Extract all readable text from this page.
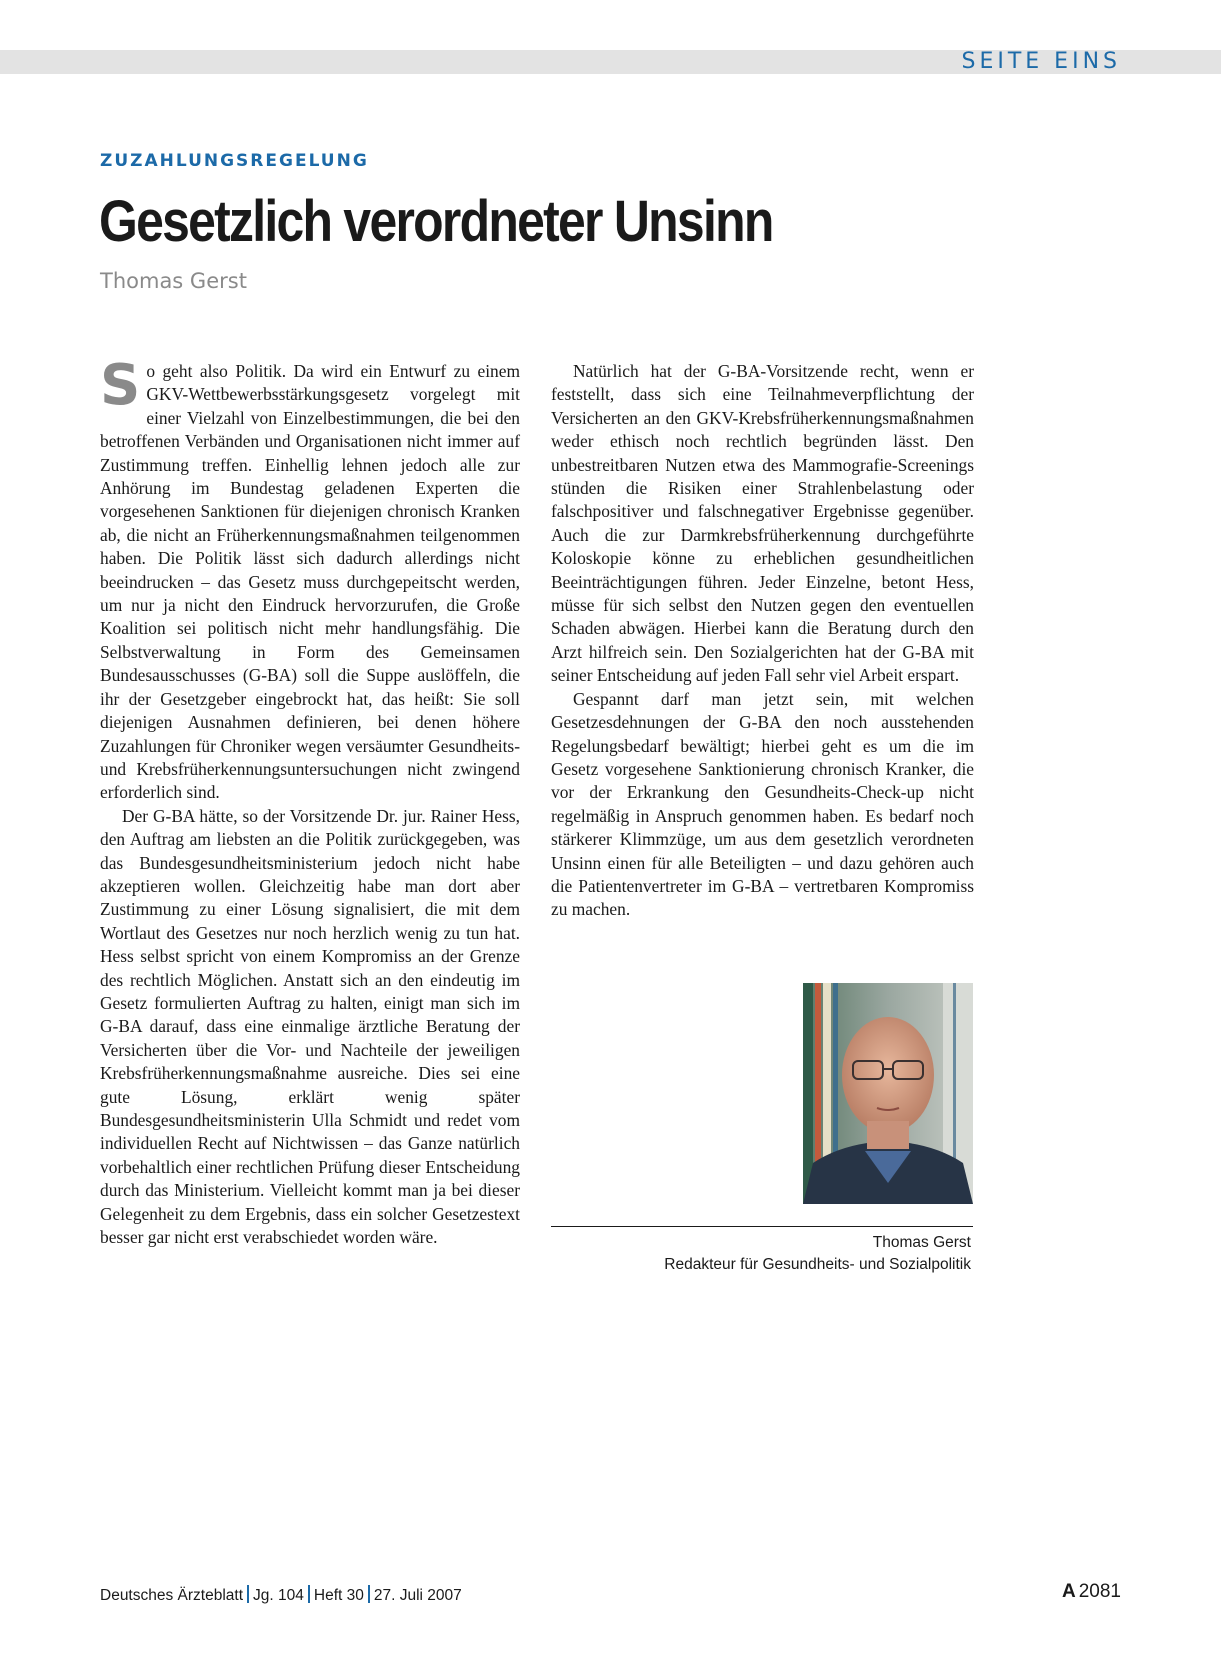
SEITE EINS
ZUZAHLUNGSREGELUNG
Gesetzlich verordneter Unsinn
Thomas Gerst

So geht also Politik. Da wird ein Entwurf zu einem GKV-Wettbewerbsstärkungsgesetz vorgelegt mit einer Vielzahl von Einzelbestimmungen, die bei den betroffenen Verbänden und Organisationen nicht immer auf Zustimmung treffen. Einhellig lehnen jedoch alle zur Anhörung im Bundestag geladenen Experten die vorgesehenen Sanktionen für diejenigen chronisch Kranken ab, die nicht an Früherkennungsmaßnahmen teilgenommen haben. Die Politik lässt sich dadurch allerdings nicht beeindrucken – das Gesetz muss durchgepeitscht werden, um nur ja nicht den Eindruck hervorzurufen, die Große Koalition sei politisch nicht mehr handlungsfähig. Die Selbstverwaltung in Form des Gemeinsamen Bundesausschusses (G-BA) soll die Suppe auslöffeln, die ihr der Gesetzgeber eingebrockt hat, das heißt: Sie soll diejenigen Ausnahmen definieren, bei denen höhere Zuzahlungen für Chroniker wegen versäumter Gesundheits- und Krebsfrüherkennungsuntersuchungen nicht zwingend erforderlich sind.

Der G-BA hätte, so der Vorsitzende Dr. jur. Rainer Hess, den Auftrag am liebsten an die Politik zurückgegeben, was das Bundesgesundheitsministerium jedoch nicht habe akzeptieren wollen. Gleichzeitig habe man dort aber Zustimmung zu einer Lösung signalisiert, die mit dem Wortlaut des Gesetzes nur noch herzlich wenig zu tun hat. Hess selbst spricht von einem Kompromiss an der Grenze des rechtlich Möglichen. Anstatt sich an den eindeutig im Gesetz formulierten Auftrag zu halten, einigt man sich im G-BA darauf, dass eine einmalige ärztliche Beratung der Versicherten über die Vor- und Nachteile der jeweiligen Krebsfrüherkennungsmaßnahme ausreiche. Dies sei eine gute Lösung, erklärt wenig später Bundesgesundheitsministerin Ulla Schmidt und redet vom individuellen Recht auf Nichtwissen – das Ganze natürlich vorbehaltlich einer rechtlichen Prüfung dieser Entscheidung durch das Ministerium. Vielleicht kommt man ja bei dieser Gelegenheit zu dem Ergebnis, dass ein solcher Gesetzestext besser gar nicht erst verabschiedet worden wäre.

Natürlich hat der G-BA-Vorsitzende recht, wenn er feststellt, dass sich eine Teilnahmeverpflichtung der Versicherten an den GKV-Krebsfrüherkennungsmaßnahmen weder ethisch noch rechtlich begründen lässt. Den unbestreitbaren Nutzen etwa des Mammografie-Screenings stünden die Risiken einer Strahlenbelastung oder falschpositiver und falschnegativer Ergebnisse gegenüber. Auch die zur Darmkrebsfrüherkennung durchgeführte Koloskopie könne zu erheblichen gesundheitlichen Beeinträchtigungen führen. Jeder Einzelne, betont Hess, müsse für sich selbst den Nutzen gegen den eventuellen Schaden abwägen. Hierbei kann die Beratung durch den Arzt hilfreich sein. Den Sozialgerichten hat der G-BA mit seiner Entscheidung auf jeden Fall sehr viel Arbeit erspart.

Gespannt darf man jetzt sein, mit welchen Gesetzesdehnungen der G-BA den noch ausstehenden Regelungsbedarf bewältigt; hierbei geht es um die im Gesetz vorgesehene Sanktionierung chronisch Kranker, die vor der Erkrankung den Gesundheits-Check-up nicht regelmäßig in Anspruch genommen haben. Es bedarf noch stärkerer Klimmzüge, um aus dem gesetzlich verordneten Unsinn einen für alle Beteiligten – und dazu gehören auch die Patientenvertreter im G-BA – vertretbaren Kompromiss zu machen.

Thomas Gerst
Redakteur für Gesundheits- und Sozialpolitik
Deutsches Ärzteblatt Jg. 104 Heft 30 27. Juli 2007	A 2081
